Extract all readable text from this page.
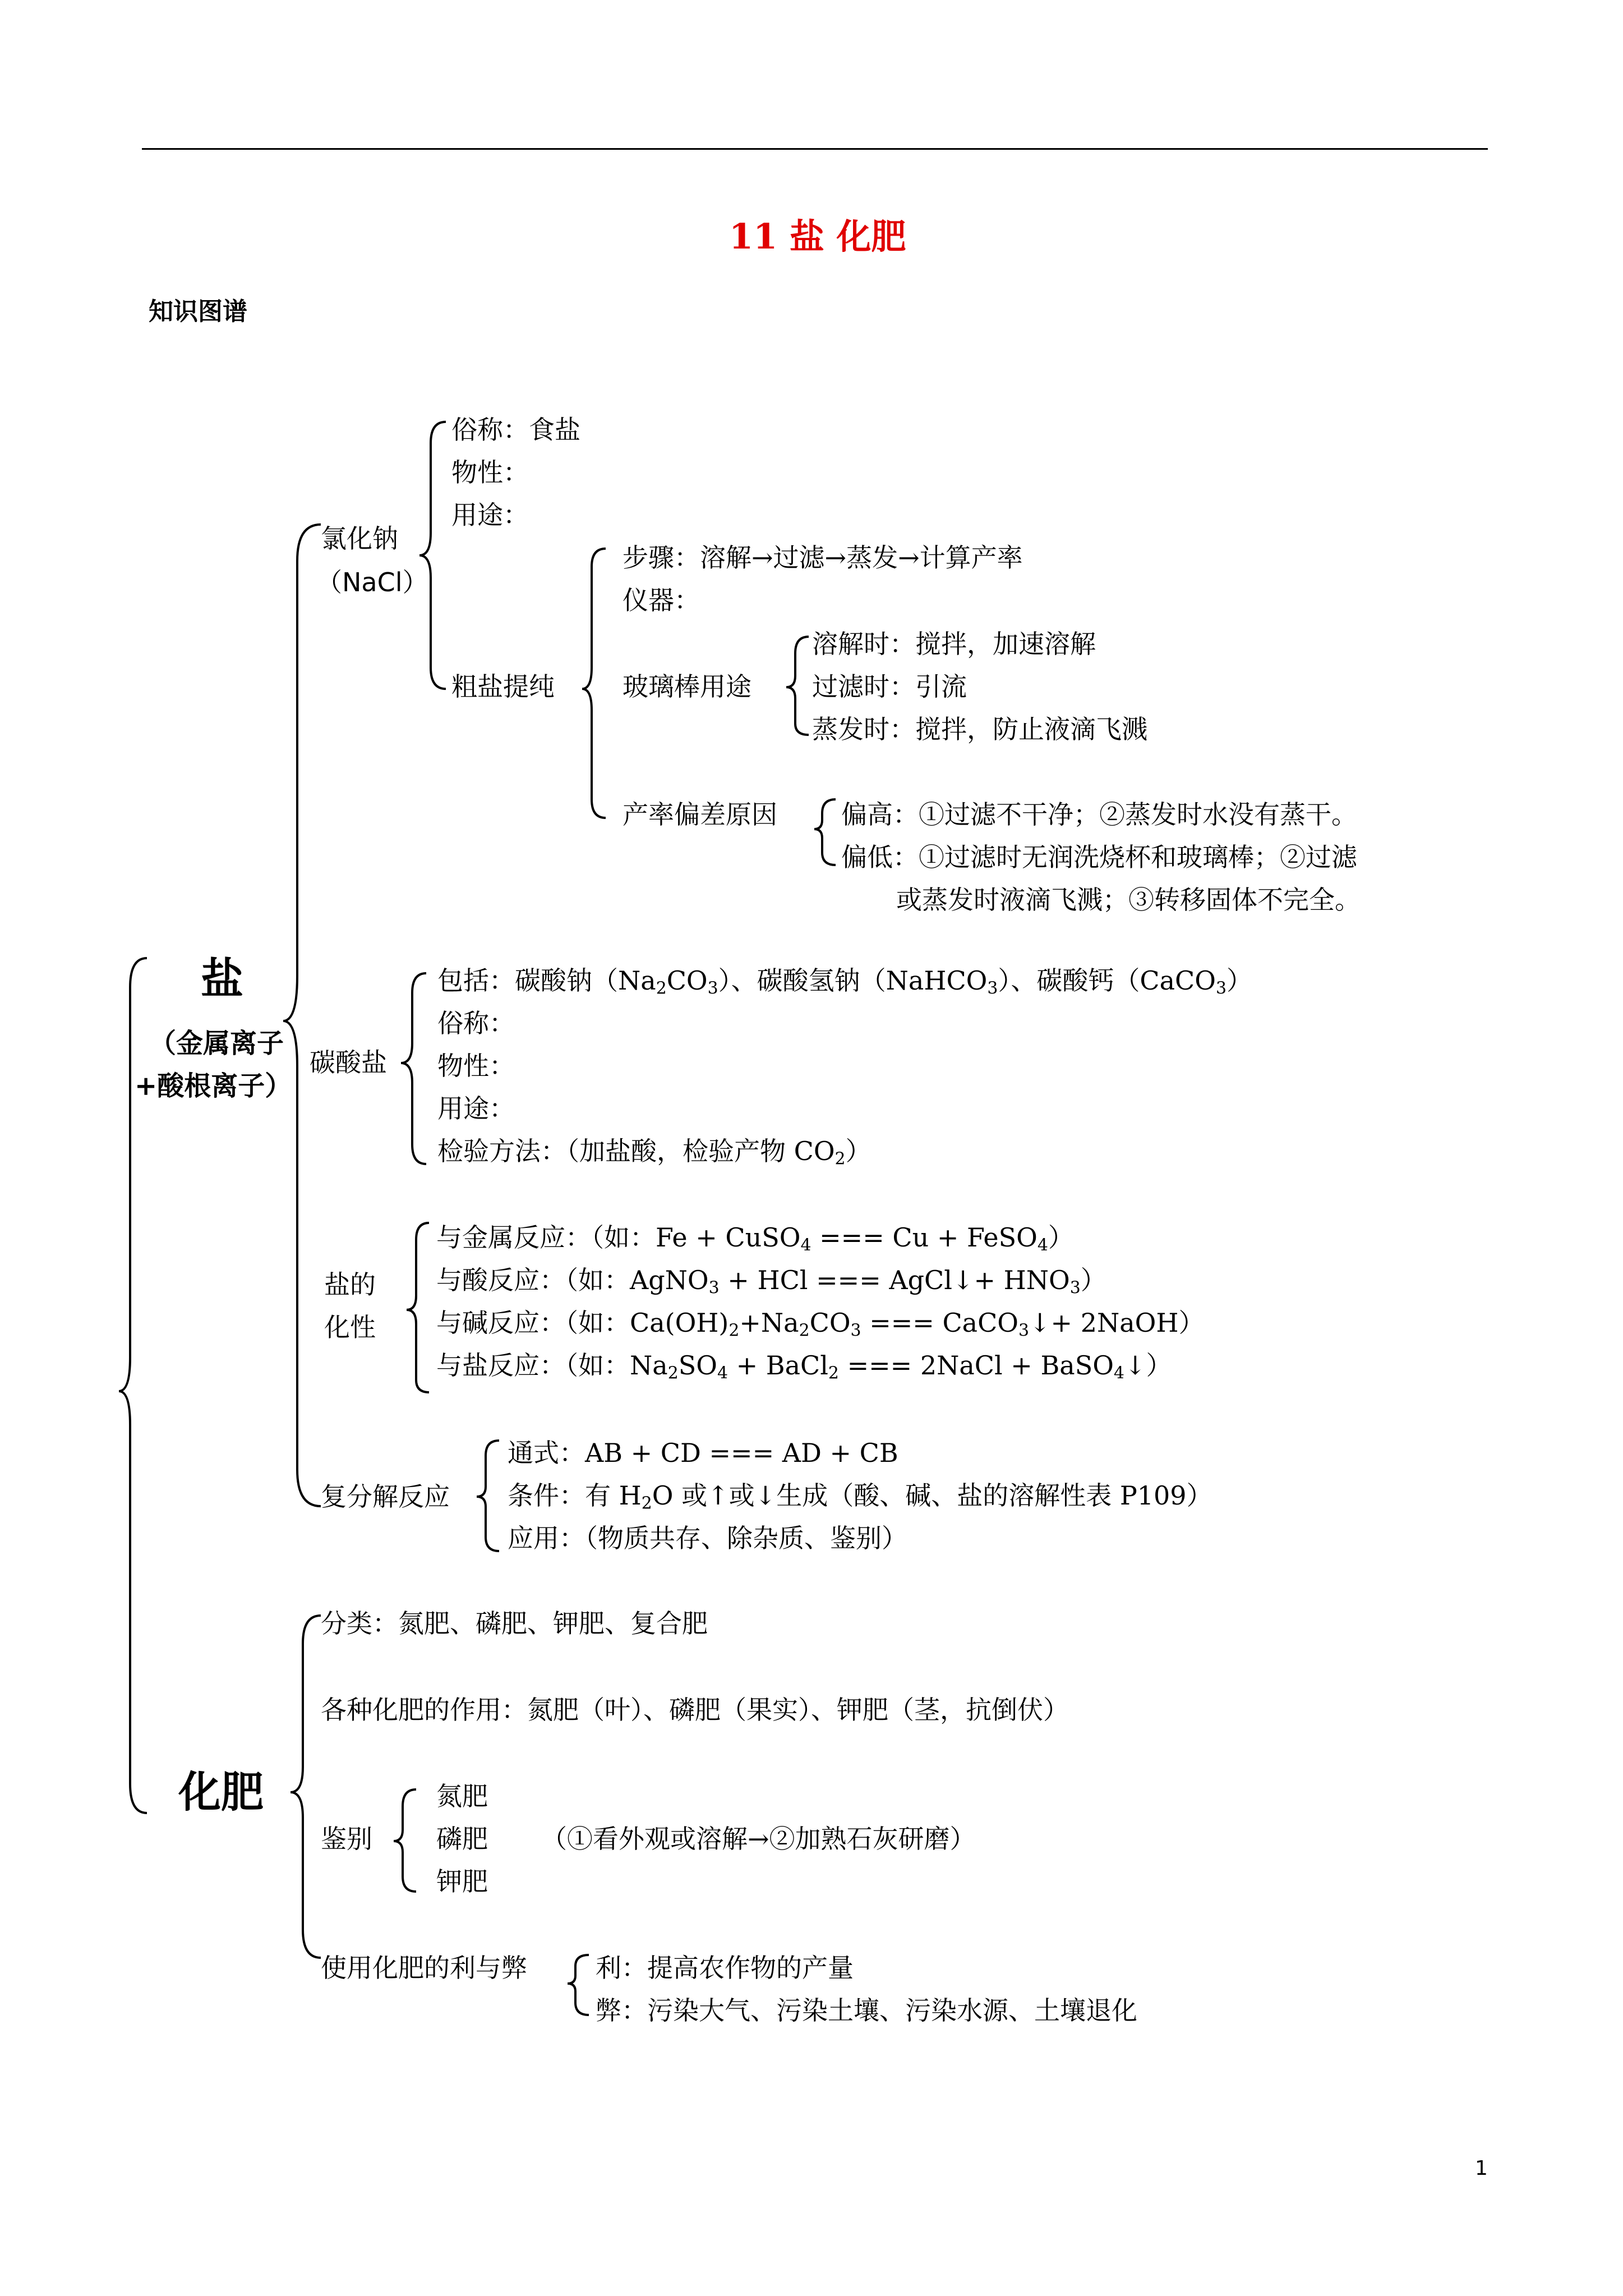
11 盐 化肥
知识图谱
盐
（金属离子
+酸根离子）
氯化钠
（NaCl）
俗称：食盐
物性：
用途：
粗盐提纯
步骤：溶解→过滤→蒸发→计算产率
仪器：
玻璃棒用途
溶解时：搅拌，加速溶解
过滤时：引流
蒸发时：搅拌，防止液滴飞溅
产率偏差原因 偏高：①过滤不干净；②蒸发时水没有蒸干。
偏低：①过滤时无润洗烧杯和玻璃棒；②过滤
或蒸发时液滴飞溅；③转移固体不完全。
碳酸盐
包括：碳酸钠$(Na_2CO_3)$、碳酸氢钠（NaHCO$_3$）、碳酸钙（CaCO$_3$）
俗称：
物性：
用途：
检验方法：（加盐酸，检验产物 $CO_2$）
盐的
化性
与金属反应：（如：Fe + CuSO$_4$ === Cu + FeSO$_4$）
与酸反应：（如：AgNO$_3$ + HCl === AgCl↓+ $HNO_3$）
与碱反应：（如：$Ca(OH)_2+Na_2CO_3$ === CaCO$_3$↓+ 2NaOH）
与盐反应：（如：$Na_2SO_4$ + BaCl$_2$ === 2NaCl + BaSO$_4$↓）
复分解反应
通式：AB + CD === AD + CB
条件：有 $H_2O$ 或↑或↓生成（酸、碱、盐的溶解性表 P109）
应用：（物质共存、除杂质、鉴别）
化肥
分类：氮肥、磷肥、钾肥、复合肥
各种化肥的作用：氮肥（叶）、磷肥（果实）、钾肥（茎，抗倒伏）
鉴别
氮肥
磷肥
钾肥
（①看外观或溶解→②加熟石灰研磨）
使用化肥的利与弊	利：提高农作物的产量
弊：污染大气、污染土壤、污染水源、土壤退化
1
